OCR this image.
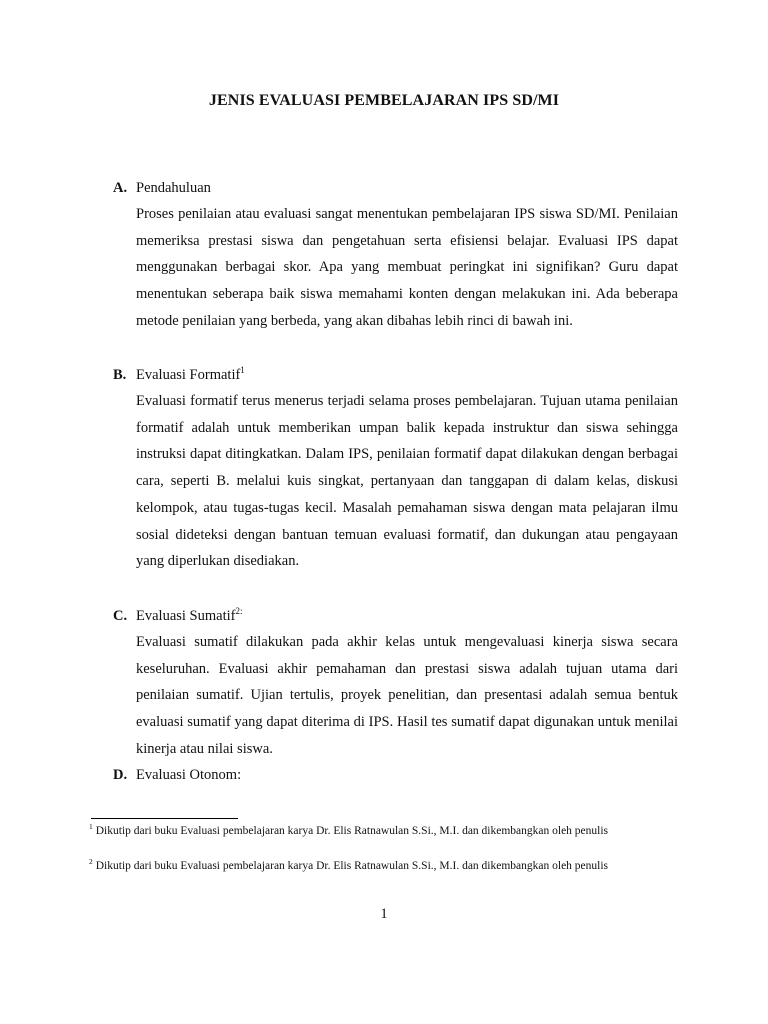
JENIS EVALUASI PEMBELAJARAN IPS SD/MI
A. Pendahuluan
Proses penilaian atau evaluasi sangat menentukan pembelajaran IPS siswa SD/MI. Penilaian memeriksa prestasi siswa dan pengetahuan serta efisiensi belajar. Evaluasi IPS dapat menggunakan berbagai skor. Apa yang membuat peringkat ini signifikan? Guru dapat menentukan seberapa baik siswa memahami konten dengan melakukan ini. Ada beberapa metode penilaian yang berbeda, yang akan dibahas lebih rinci di bawah ini.
B. Evaluasi Formatif$^1$
Evaluasi formatif terus menerus terjadi selama proses pembelajaran. Tujuan utama penilaian formatif adalah untuk memberikan umpan balik kepada instruktur dan siswa sehingga instruksi dapat ditingkatkan. Dalam IPS, penilaian formatif dapat dilakukan dengan berbagai cara, seperti B. melalui kuis singkat, pertanyaan dan tanggapan di dalam kelas, diskusi kelompok, atau tugas-tugas kecil. Masalah pemahaman siswa dengan mata pelajaran ilmu sosial dideteksi dengan bantuan temuan evaluasi formatif, dan dukungan atau pengayaan yang diperlukan disediakan.
C. Evaluasi Sumatif$^{2:}$
Evaluasi sumatif dilakukan pada akhir kelas untuk mengevaluasi kinerja siswa secara keseluruhan. Evaluasi akhir pemahaman dan prestasi siswa adalah tujuan utama dari penilaian sumatif. Ujian tertulis, proyek penelitian, dan presentasi adalah semua bentuk evaluasi sumatif yang dapat diterima di IPS. Hasil tes sumatif dapat digunakan untuk menilai kinerja atau nilai siswa.
D. Evaluasi Otonom:
$^1$ Dikutip dari buku Evaluasi pembelajaran karya Dr. Elis Ratnawulan S.Si., M.I. dan dikembangkan oleh penulis
$^2$ Dikutip dari buku Evaluasi pembelajaran karya Dr. Elis Ratnawulan S.Si., M.I. dan dikembangkan oleh penulis
1
